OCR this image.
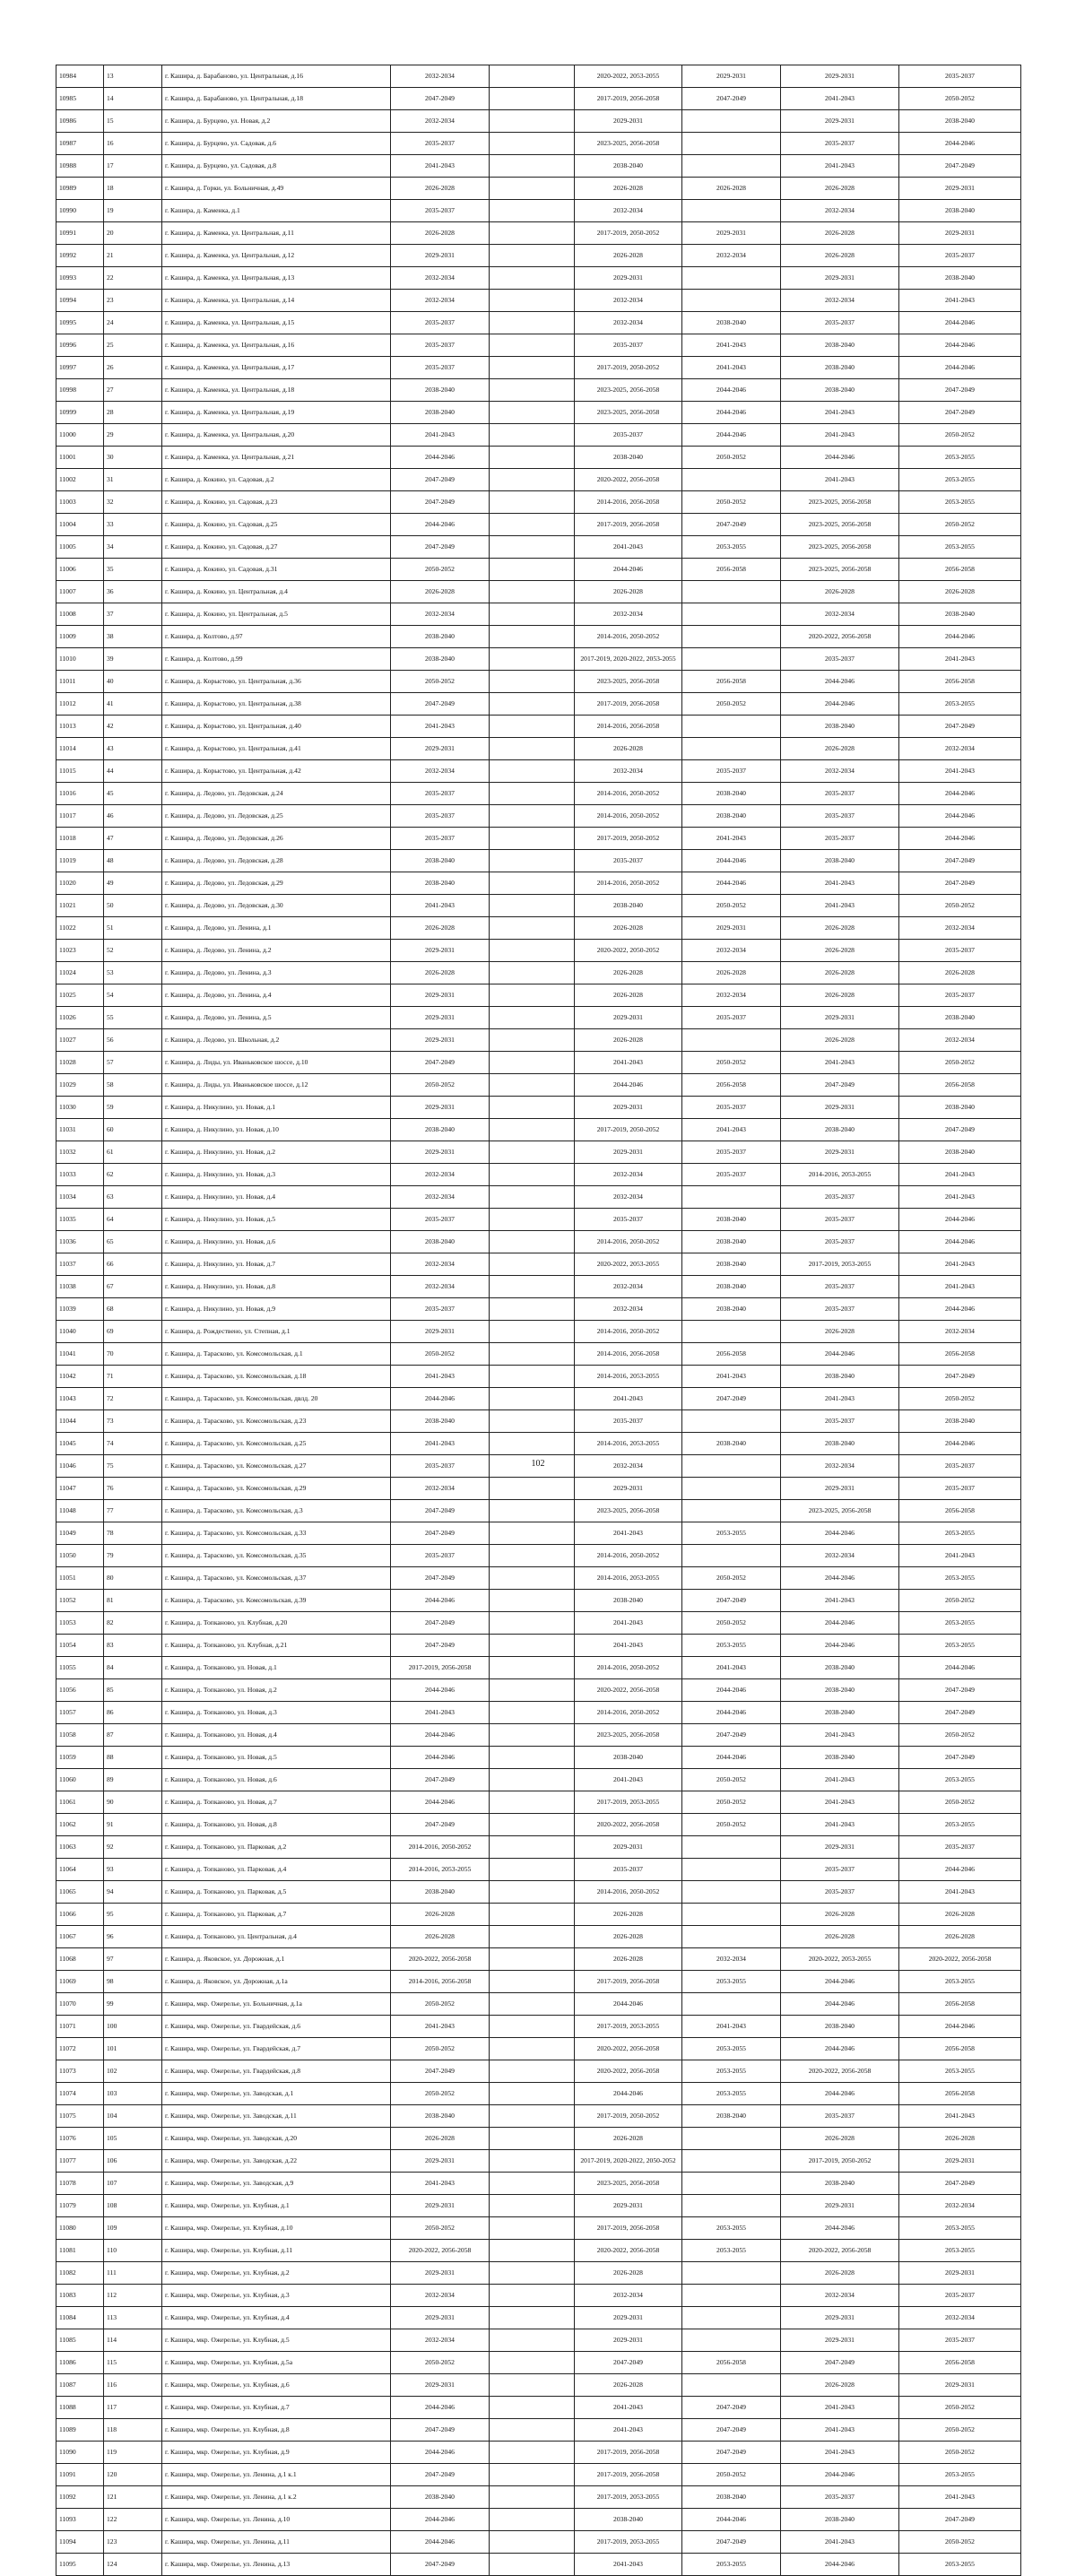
10984	13	г. Кашира, д. Барабаново, ул. Центральная, д.16	2032-2034		2020-2022, 2053-2055	2029-2031	2029-2031	2035-2037
10985	14	г. Кашира, д. Барабаново, ул. Центральная, д.18	2047-2049		2017-2019, 2056-2058	2047-2049	2041-2043	2050-2052
10986	15	г. Кашира, д. Бурцево, ул. Новая, д.2	2032-2034		2029-2031		2029-2031	2038-2040
10987	16	г. Кашира, д. Бурцево, ул. Садовая, д.6	2035-2037		2023-2025, 2056-2058		2035-2037	2044-2046
10988	17	г. Кашира, д. Бурцево, ул. Садовая, д.8	2041-2043		2038-2040		2041-2043	2047-2049
10989	18	г. Кашира, д. Горки, ул. Больничная, д.49	2026-2028		2026-2028	2026-2028	2026-2028	2029-2031
10990	19	г. Кашира, д. Каменка, д.1	2035-2037		2032-2034		2032-2034	2038-2040
10991	20	г. Кашира, д. Каменка, ул. Центральная, д.11	2026-2028		2017-2019, 2050-2052	2029-2031	2026-2028	2029-2031
10992	21	г. Кашира, д. Каменка, ул. Центральная, д.12	2029-2031		2026-2028	2032-2034	2026-2028	2035-2037
10993	22	г. Кашира, д. Каменка, ул. Центральная, д.13	2032-2034		2029-2031		2029-2031	2038-2040
10994	23	г. Кашира, д. Каменка, ул. Центральная, д.14	2032-2034		2032-2034		2032-2034	2041-2043
10995	24	г. Кашира, д. Каменка, ул. Центральная, д.15	2035-2037		2032-2034	2038-2040	2035-2037	2044-2046
10996	25	г. Кашира, д. Каменка, ул. Центральная, д.16	2035-2037		2035-2037	2041-2043	2038-2040	2044-2046
10997	26	г. Кашира, д. Каменка, ул. Центральная, д.17	2035-2037		2017-2019, 2050-2052	2041-2043	2038-2040	2044-2046
10998	27	г. Кашира, д. Каменка, ул. Центральная, д.18	2038-2040		2023-2025, 2056-2058	2044-2046	2038-2040	2047-2049
10999	28	г. Кашира, д. Каменка, ул. Центральная, д.19	2038-2040		2023-2025, 2056-2058	2044-2046	2041-2043	2047-2049
11000	29	г. Кашира, д. Каменка, ул. Центральная, д.20	2041-2043		2035-2037	2044-2046	2041-2043	2050-2052
11001	30	г. Кашира, д. Каменка, ул. Центральная, д.21	2044-2046		2038-2040	2050-2052	2044-2046	2053-2055
11002	31	г. Кашира, д. Кокино, ул. Садовая, д.2	2047-2049		2020-2022, 2056-2058		2041-2043	2053-2055
11003	32	г. Кашира, д. Кокино, ул. Садовая, д.23	2047-2049		2014-2016, 2056-2058	2050-2052	2023-2025, 2056-2058	2053-2055
11004	33	г. Кашира, д. Кокино, ул. Садовая, д.25	2044-2046		2017-2019, 2056-2058	2047-2049	2023-2025, 2056-2058	2050-2052
11005	34	г. Кашира, д. Кокино, ул. Садовая, д.27	2047-2049		2041-2043	2053-2055	2023-2025, 2056-2058	2053-2055
11006	35	г. Кашира, д. Кокино, ул. Садовая, д.31	2050-2052		2044-2046	2056-2058	2023-2025, 2056-2058	2056-2058
11007	36	г. Кашира, д. Кокино, ул. Центральная, д.4	2026-2028		2026-2028		2026-2028	2026-2028
11008	37	г. Кашира, д. Кокино, ул. Центральная, д.5	2032-2034		2032-2034		2032-2034	2038-2040
11009	38	г. Кашира, д. Колтово, д.97	2038-2040		2014-2016, 2050-2052		2020-2022, 2056-2058	2044-2046
11010	39	г. Кашира, д. Колтово, д.99	2038-2040		2017-2019, 2020-2022, 2053-2055		2035-2037	2041-2043
11011	40	г. Кашира, д. Корыстово, ул. Центральная, д.36	2050-2052		2023-2025, 2056-2058	2056-2058	2044-2046	2056-2058
11012	41	г. Кашира, д. Корыстово, ул. Центральная, д.38	2047-2049		2017-2019, 2056-2058	2050-2052	2044-2046	2053-2055
11013	42	г. Кашира, д. Корыстово, ул. Центральная, д.40	2041-2043		2014-2016, 2056-2058		2038-2040	2047-2049
11014	43	г. Кашира, д. Корыстово, ул. Центральная, д.41	2029-2031		2026-2028		2026-2028	2032-2034
11015	44	г. Кашира, д. Корыстово, ул. Центральная, д.42	2032-2034		2032-2034	2035-2037	2032-2034	2041-2043
11016	45	г. Кашира, д. Ледово, ул. Ледовская, д.24	2035-2037		2014-2016, 2050-2052	2038-2040	2035-2037	2044-2046
11017	46	г. Кашира, д. Ледово, ул. Ледовская, д.25	2035-2037		2014-2016, 2050-2052	2038-2040	2035-2037	2044-2046
11018	47	г. Кашира, д. Ледово, ул. Ледовская, д.26	2035-2037		2017-2019, 2050-2052	2041-2043	2035-2037	2044-2046
11019	48	г. Кашира, д. Ледово, ул. Ледовская, д.28	2038-2040		2035-2037	2044-2046	2038-2040	2047-2049
11020	49	г. Кашира, д. Ледово, ул. Ледовская, д.29	2038-2040		2014-2016, 2050-2052	2044-2046	2041-2043	2047-2049
11021	50	г. Кашира, д. Ледово, ул. Ледовская, д.30	2041-2043		2038-2040	2050-2052	2041-2043	2050-2052
11022	51	г. Кашира, д. Ледово, ул. Ленина, д.1	2026-2028		2026-2028	2029-2031	2026-2028	2032-2034
11023	52	г. Кашира, д. Ледово, ул. Ленина, д.2	2029-2031		2020-2022, 2050-2052	2032-2034	2026-2028	2035-2037
11024	53	г. Кашира, д. Ледово, ул. Ленина, д.3	2026-2028		2026-2028	2026-2028	2026-2028	2026-2028
11025	54	г. Кашира, д. Ледово, ул. Ленина, д.4	2029-2031		2026-2028	2032-2034	2026-2028	2035-2037
11026	55	г. Кашира, д. Ледово, ул. Ленина, д.5	2029-2031		2029-2031	2035-2037	2029-2031	2038-2040
11027	56	г. Кашира, д. Ледово, ул. Школьная, д.2	2029-2031		2026-2028		2026-2028	2032-2034
11028	57	г. Кашира, д. Лиды, ул. Иваньковское шоссе, д.10	2047-2049		2041-2043	2050-2052	2041-2043	2050-2052
11029	58	г. Кашира, д. Лиды, ул. Иваньковское шоссе, д.12	2050-2052		2044-2046	2056-2058	2047-2049	2056-2058
11030	59	г. Кашира, д. Никулино, ул. Новая, д.1	2029-2031		2029-2031	2035-2037	2029-2031	2038-2040
11031	60	г. Кашира, д. Никулино, ул. Новая, д.10	2038-2040		2017-2019, 2050-2052	2041-2043	2038-2040	2047-2049
11032	61	г. Кашира, д. Никулино, ул. Новая, д.2	2029-2031		2029-2031	2035-2037	2029-2031	2038-2040
11033	62	г. Кашира, д. Никулино, ул. Новая, д.3	2032-2034		2032-2034	2035-2037	2014-2016, 2053-2055	2041-2043
11034	63	г. Кашира, д. Никулино, ул. Новая, д.4	2032-2034		2032-2034		2035-2037	2041-2043
11035	64	г. Кашира, д. Никулино, ул. Новая, д.5	2035-2037		2035-2037	2038-2040	2035-2037	2044-2046
11036	65	г. Кашира, д. Никулино, ул. Новая, д.6	2038-2040		2014-2016, 2050-2052	2038-2040	2035-2037	2044-2046
11037	66	г. Кашира, д. Никулино, ул. Новая, д.7	2032-2034		2020-2022, 2053-2055	2038-2040	2017-2019, 2053-2055	2041-2043
11038	67	г. Кашира, д. Никулино, ул. Новая, д.8	2032-2034		2032-2034	2038-2040	2035-2037	2041-2043
11039	68	г. Кашира, д. Никулино, ул. Новая, д.9	2035-2037		2032-2034	2038-2040	2035-2037	2044-2046
11040	69	г. Кашира, д. Рождествено, ул. Степная, д.1	2029-2031		2014-2016, 2050-2052		2026-2028	2032-2034
11041	70	г. Кашира, д. Тарасково, ул. Комсомольская, д.1	2050-2052		2014-2016, 2056-2058	2056-2058	2044-2046	2056-2058
11042	71	г. Кашира, д. Тарасково, ул. Комсомольская, д.18	2041-2043		2014-2016, 2053-2055	2041-2043	2038-2040	2047-2049
11043	72	г. Кашира, д. Тарасково, ул. Комсомольская, двлд. 20	2044-2046		2041-2043	2047-2049	2041-2043	2050-2052
11044	73	г. Кашира, д. Тарасково, ул. Комсомольская, д.23	2038-2040		2035-2037		2035-2037	2038-2040
11045	74	г. Кашира, д. Тарасково, ул. Комсомольская, д.25	2041-2043		2014-2016, 2053-2055	2038-2040	2038-2040	2044-2046
11046	75	г. Кашира, д. Тарасково, ул. Комсомольская, д.27	2035-2037		2032-2034		2032-2034	2035-2037
11047	76	г. Кашира, д. Тарасково, ул. Комсомольская, д.29	2032-2034		2029-2031		2029-2031	2035-2037
11048	77	г. Кашира, д. Тарасково, ул. Комсомольская, д.3	2047-2049		2023-2025, 2056-2058		2023-2025, 2056-2058	2056-2058
11049	78	г. Кашира, д. Тарасково, ул. Комсомольская, д.33	2047-2049		2041-2043	2053-2055	2044-2046	2053-2055
11050	79	г. Кашира, д. Тарасково, ул. Комсомольская, д.35	2035-2037		2014-2016, 2050-2052		2032-2034	2041-2043
11051	80	г. Кашира, д. Тарасково, ул. Комсомольская, д.37	2047-2049		2014-2016, 2053-2055	2050-2052	2044-2046	2053-2055
11052	81	г. Кашира, д. Тарасково, ул. Комсомольская, д.39	2044-2046		2038-2040	2047-2049	2041-2043	2050-2052
11053	82	г. Кашира, д. Топканово, ул. Клубная, д.20	2047-2049		2041-2043	2050-2052	2044-2046	2053-2055
11054	83	г. Кашира, д. Топканово, ул. Клубная, д.21	2047-2049		2041-2043	2053-2055	2044-2046	2053-2055
11055	84	г. Кашира, д. Топканово, ул. Новая, д.1	2017-2019, 2056-2058		2014-2016, 2050-2052	2041-2043	2038-2040	2044-2046
11056	85	г. Кашира, д. Топканово, ул. Новая, д.2	2044-2046		2020-2022, 2056-2058	2044-2046	2038-2040	2047-2049
11057	86	г. Кашира, д. Топканово, ул. Новая, д.3	2041-2043		2014-2016, 2050-2052	2044-2046	2038-2040	2047-2049
11058	87	г. Кашира, д. Топканово, ул. Новая, д.4	2044-2046		2023-2025, 2056-2058	2047-2049	2041-2043	2050-2052
11059	88	г. Кашира, д. Топканово, ул. Новая, д.5	2044-2046		2038-2040	2044-2046	2038-2040	2047-2049
11060	89	г. Кашира, д. Топканово, ул. Новая, д.6	2047-2049		2041-2043	2050-2052	2041-2043	2053-2055
11061	90	г. Кашира, д. Топканово, ул. Новая, д.7	2044-2046		2017-2019, 2053-2055	2050-2052	2041-2043	2050-2052
11062	91	г. Кашира, д. Топканово, ул. Новая, д.8	2047-2049		2020-2022, 2056-2058	2050-2052	2041-2043	2053-2055
11063	92	г. Кашира, д. Топканово, ул. Парковая, д.2	2014-2016, 2050-2052		2029-2031		2029-2031	2035-2037
11064	93	г. Кашира, д. Топканово, ул. Парковая, д.4	2014-2016, 2053-2055		2035-2037		2035-2037	2044-2046
11065	94	г. Кашира, д. Топканово, ул. Парковая, д.5	2038-2040		2014-2016, 2050-2052		2035-2037	2041-2043
11066	95	г. Кашира, д. Топканово, ул. Парковая, д.7	2026-2028		2026-2028		2026-2028	2026-2028
11067	96	г. Кашира, д. Топканово, ул. Центральная, д.4	2026-2028		2026-2028		2026-2028	2026-2028
11068	97	г. Кашира, д. Яковское, ул. Дорожная, д.1	2020-2022, 2056-2058		2026-2028	2032-2034	2020-2022, 2053-2055	2020-2022, 2056-2058
11069	98	г. Кашира, д. Яковское, ул. Дорожная, д.1а	2014-2016, 2056-2058		2017-2019, 2056-2058	2053-2055	2044-2046	2053-2055
11070	99	г. Кашира, мкр. Ожерелье, ул. Больничная, д.1а	2050-2052		2044-2046		2044-2046	2056-2058
11071	100	г. Кашира, мкр. Ожерелье, ул. Гвардейская, д.6	2041-2043		2017-2019, 2053-2055	2041-2043	2038-2040	2044-2046
11072	101	г. Кашира, мкр. Ожерелье, ул. Гвардейская, д.7	2050-2052		2020-2022, 2056-2058	2053-2055	2044-2046	2056-2058
11073	102	г. Кашира, мкр. Ожерелье, ул. Гвардейская, д.8	2047-2049		2020-2022, 2056-2058	2053-2055	2020-2022, 2056-2058	2053-2055
11074	103	г. Кашира, мкр. Ожерелье, ул. Заводская, д.1	2050-2052		2044-2046	2053-2055	2044-2046	2056-2058
11075	104	г. Кашира, мкр. Ожерелье, ул. Заводская, д.11	2038-2040		2017-2019, 2050-2052	2038-2040	2035-2037	2041-2043
11076	105	г. Кашира, мкр. Ожерелье, ул. Заводская, д.20	2026-2028		2026-2028		2026-2028	2026-2028
11077	106	г. Кашира, мкр. Ожерелье, ул. Заводская, д.22	2029-2031		2017-2019, 2020-2022, 2050-2052		2017-2019, 2050-2052	2029-2031
11078	107	г. Кашира, мкр. Ожерелье, ул. Заводская, д.9	2041-2043		2023-2025, 2056-2058		2038-2040	2047-2049
11079	108	г. Кашира, мкр. Ожерелье, ул. Клубная, д.1	2029-2031		2029-2031		2029-2031	2032-2034
11080	109	г. Кашира, мкр. Ожерелье, ул. Клубная, д.10	2050-2052		2017-2019, 2056-2058	2053-2055	2044-2046	2053-2055
11081	110	г. Кашира, мкр. Ожерелье, ул. Клубная, д.11	2020-2022, 2056-2058		2020-2022, 2056-2058	2053-2055	2020-2022, 2056-2058	2053-2055
11082	111	г. Кашира, мкр. Ожерелье, ул. Клубная, д.2	2029-2031		2026-2028		2026-2028	2029-2031
11083	112	г. Кашира, мкр. Ожерелье, ул. Клубная, д.3	2032-2034		2032-2034		2032-2034	2035-2037
11084	113	г. Кашира, мкр. Ожерелье, ул. Клубная, д.4	2029-2031		2029-2031		2029-2031	2032-2034
11085	114	г. Кашира, мкр. Ожерелье, ул. Клубная, д.5	2032-2034		2029-2031		2029-2031	2035-2037
11086	115	г. Кашира, мкр. Ожерелье, ул. Клубная, д.5а	2050-2052		2047-2049	2056-2058	2047-2049	2056-2058
11087	116	г. Кашира, мкр. Ожерелье, ул. Клубная, д.6	2029-2031		2026-2028		2026-2028	2029-2031
11088	117	г. Кашира, мкр. Ожерелье, ул. Клубная, д.7	2044-2046		2041-2043	2047-2049	2041-2043	2050-2052
11089	118	г. Кашира, мкр. Ожерелье, ул. Клубная, д.8	2047-2049		2041-2043	2047-2049	2041-2043	2050-2052
11090	119	г. Кашира, мкр. Ожерелье, ул. Клубная, д.9	2044-2046		2017-2019, 2056-2058	2047-2049	2041-2043	2050-2052
11091	120	г. Кашира, мкр. Ожерелье, ул. Ленина, д.1 к.1	2047-2049		2017-2019, 2056-2058	2050-2052	2044-2046	2053-2055
11092	121	г. Кашира, мкр. Ожерелье, ул. Ленина, д.1 к.2	2038-2040		2017-2019, 2053-2055	2038-2040	2035-2037	2041-2043
11093	122	г. Кашира, мкр. Ожерелье, ул. Ленина, д.10	2044-2046		2038-2040	2044-2046	2038-2040	2047-2049
11094	123	г. Кашира, мкр. Ожерелье, ул. Ленина, д.11	2044-2046		2017-2019, 2053-2055	2047-2049	2041-2043	2050-2052
11095	124	г. Кашира, мкр. Ожерелье, ул. Ленина, д.13	2047-2049		2041-2043	2053-2055	2044-2046	2053-2055
102
